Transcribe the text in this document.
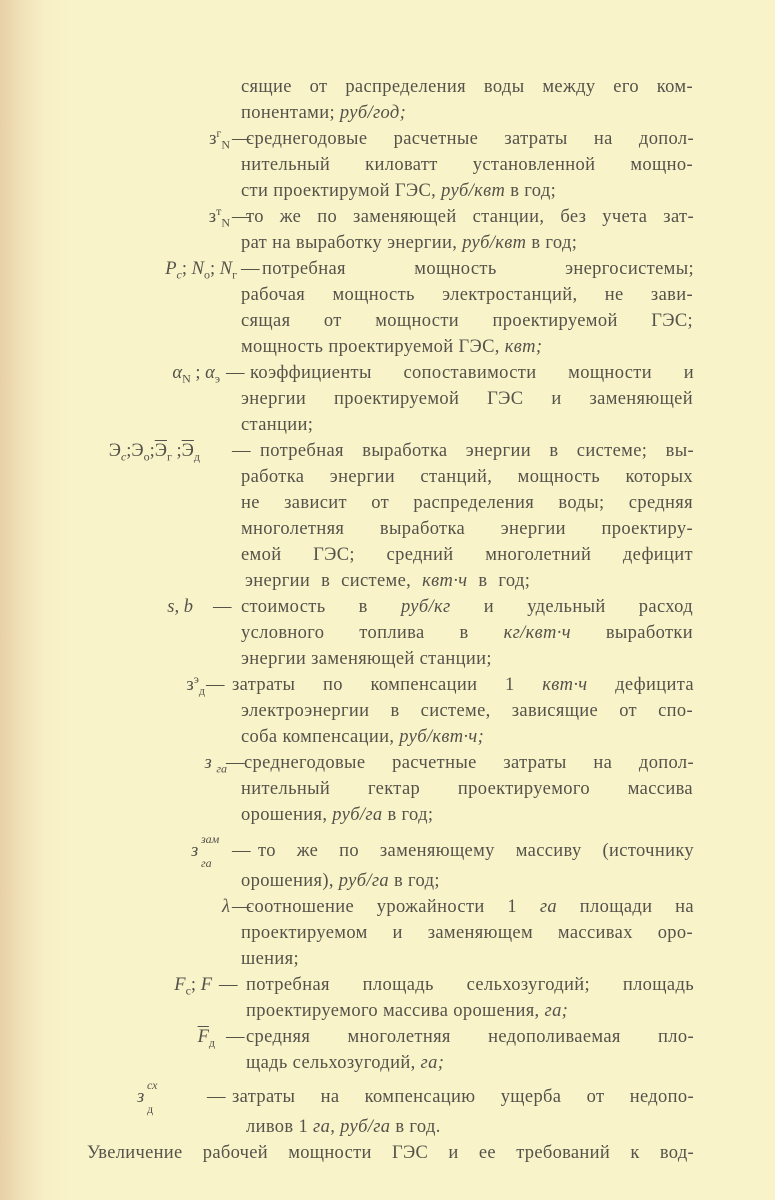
сящие от распределения воды между его ком-
понентами; руб/год;
$з^г_N$ —
среднегодовые расчетные затраты на допол-
нительный киловатт установленной мощно-
сти проектирумой ГЭС, руб/квт в год;
$з^т_N$ —
то же по заменяющей станции, без учета зат-
рат на выработку энергии, руб/квт в год;
$P_c$; $N_о$; $N_г$ — потребная мощность энергосистемы;
рабочая мощность электростанций, не зави-
сящая от мощности проектируемой ГЭС;
мощность проектируемой ГЭС, квт;
$\alpha_N$ ; $\alpha_э$ — коэффициенты сопоставимости мощности и
энергии проектируемой ГЭС и заменяющей
станции;
$Э_c;Э_о;Э_г$ $;Э_д$ — потребная выработка энергии в системе; вы-
работка энергии станций, мощность которых
не зависит от распределения воды; средняя
многолетняя выработка энергии проектиру-
емой ГЭС; средний многолетний дефицит
энергии в системе, квт·ч в год;
s, b — стоимость в руб/кг и удельный расход
условного топлива в кг/квт·ч выработки
энергии заменяющей станции;
$з^э_д$ — затраты по компенсации 1 квт·ч дефицита
электроэнергии в системе, зависящие от спо-
соба компенсации, руб/квт·ч;
з $_{га}$ — среднегодовые расчетные затраты на допол-
нительный гектар проектируемого массива
орошения, руб/га в год;
з
зам
га
— то же по заменяющему массиву (источнику
орошения), руб/га в год;
λ —
соотношение урожайности 1 га площади на
проектируемом и заменяющем массивах оро-
шения;
$F_c$; F — потребная площадь сельхозугодий; площадь
проектируемого массива орошения, га;
$\overline{F}_д$ — средняя многолетняя недополиваемая пло-
щадь сельхозугодий, га;
з
сх
д
— затраты на компенсацию ущерба от недопо-
ливов 1 га, руб/га в год.
Увеличение рабочей мощности ГЭС и ее требований к вод-
